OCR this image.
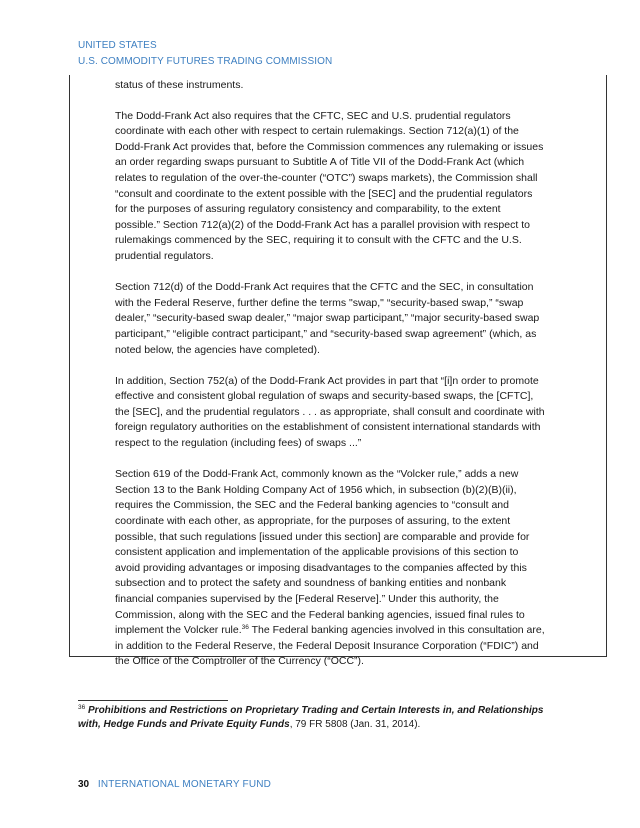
UNITED STATES
U.S. COMMODITY FUTURES TRADING COMMISSION

status of these instruments.

The Dodd-Frank Act also requires that the CFTC, SEC and U.S. prudential regulators coordinate with each other with respect to certain rulemakings. Section 712(a)(1) of the Dodd-Frank Act provides that, before the Commission commences any rulemaking or issues an order regarding swaps pursuant to Subtitle A of Title VII of the Dodd-Frank Act (which relates to regulation of the over-the-counter (“OTC”) swaps markets), the Commission shall “consult and coordinate to the extent possible with the [SEC] and the prudential regulators for the purposes of assuring regulatory consistency and comparability, to the extent possible.” Section 712(a)(2) of the Dodd-Frank Act has a parallel provision with respect to rulemakings commenced by the SEC, requiring it to consult with the CFTC and the U.S. prudential regulators.

Section 712(d) of the Dodd-Frank Act requires that the CFTC and the SEC, in consultation with the Federal Reserve, further define the terms "swap," “security-based swap,” “swap dealer,” “security-based swap dealer,” “major swap participant,” “major security-based swap participant,” “eligible contract participant,” and “security-based swap agreement” (which, as noted below, the agencies have completed).

In addition, Section 752(a) of the Dodd-Frank Act provides in part that “[i]n order to promote effective and consistent global regulation of swaps and security-based swaps, the [CFTC], the [SEC], and the prudential regulators . . . as appropriate, shall consult and coordinate with foreign regulatory authorities on the establishment of consistent international standards with respect to the regulation (including fees) of swaps ...”

Section 619 of the Dodd-Frank Act, commonly known as the “Volcker rule,” adds a new Section 13 to the Bank Holding Company Act of 1956 which, in subsection (b)(2)(B)(ii), requires the Commission, the SEC and the Federal banking agencies to “consult and coordinate with each other, as appropriate, for the purposes of assuring, to the extent possible, that such regulations [issued under this section] are comparable and provide for consistent application and implementation of the applicable provisions of this section to avoid providing advantages or imposing disadvantages to the companies affected by this subsection and to protect the safety and soundness of banking entities and nonbank financial companies supervised by the [Federal Reserve].” Under this authority, the Commission, along with the SEC and the Federal banking agencies, issued final rules to implement the Volcker rule.$^{36}$ The Federal banking agencies involved in this consultation are, in addition to the Federal Reserve, the Federal Deposit Insurance Corporation (“FDIC”) and the Office of the Comptroller of the Currency (“OCC”).

$^{36}$ Prohibitions and Restrictions on Proprietary Trading and Certain Interests in, and Relationships with, Hedge Funds and Private Equity Funds, 79 FR 5808 (Jan. 31, 2014).
30 INTERNATIONAL MONETARY FUND
